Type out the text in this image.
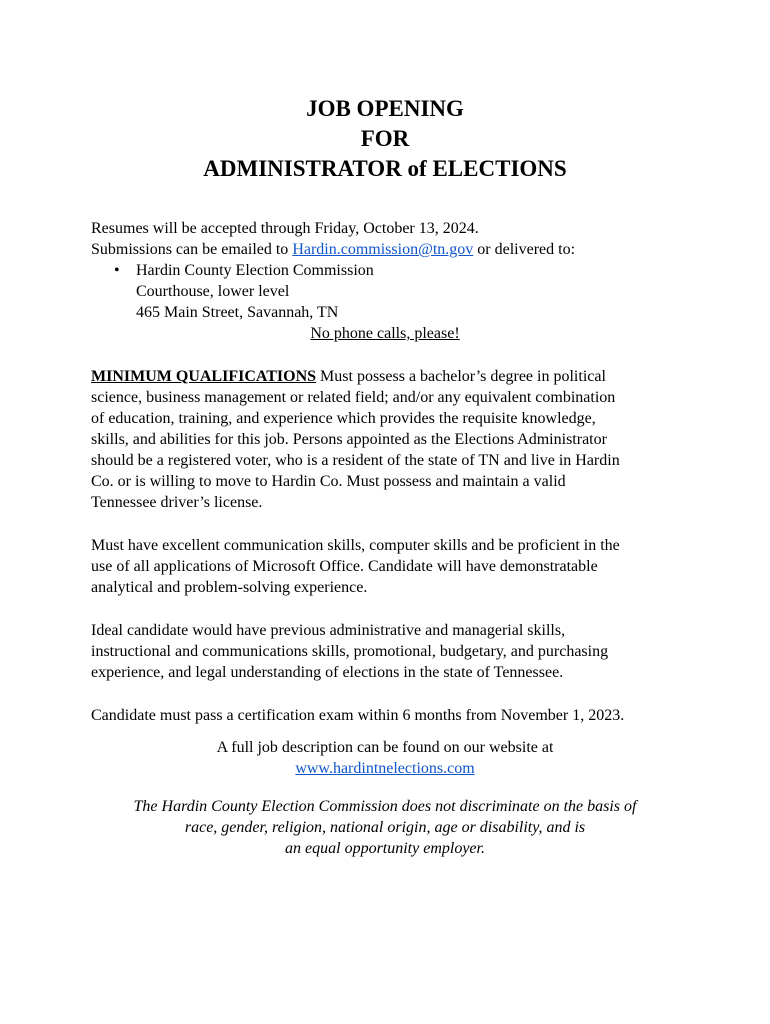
JOB OPENING
FOR
ADMINISTRATOR of ELECTIONS
Resumes will be accepted through Friday, October 13, 2024.
Submissions can be emailed to Hardin.commission@tn.gov or delivered to:
• Hardin County Election Commission
Courthouse, lower level
465 Main Street, Savannah, TN
No phone calls, please!
MINIMUM QUALIFICATIONS Must possess a bachelor’s degree in political
science, business management or related field; and/or any equivalent combination
of education, training, and experience which provides the requisite knowledge,
skills, and abilities for this job. Persons appointed as the Elections Administrator
should be a registered voter, who is a resident of the state of TN and live in Hardin
Co. or is willing to move to Hardin Co. Must possess and maintain a valid
Tennessee driver’s license.
Must have excellent communication skills, computer skills and be proficient in the
use of all applications of Microsoft Office. Candidate will have demonstratable
analytical and problem-solving experience.
Ideal candidate would have previous administrative and managerial skills,
instructional and communications skills, promotional, budgetary, and purchasing
experience, and legal understanding of elections in the state of Tennessee.
Candidate must pass a certification exam within 6 months from November 1, 2023.
A full job description can be found on our website at
www.hardintnelections.com
The Hardin County Election Commission does not discriminate on the basis of
race, gender, religion, national origin, age or disability, and is
an equal opportunity employer.
